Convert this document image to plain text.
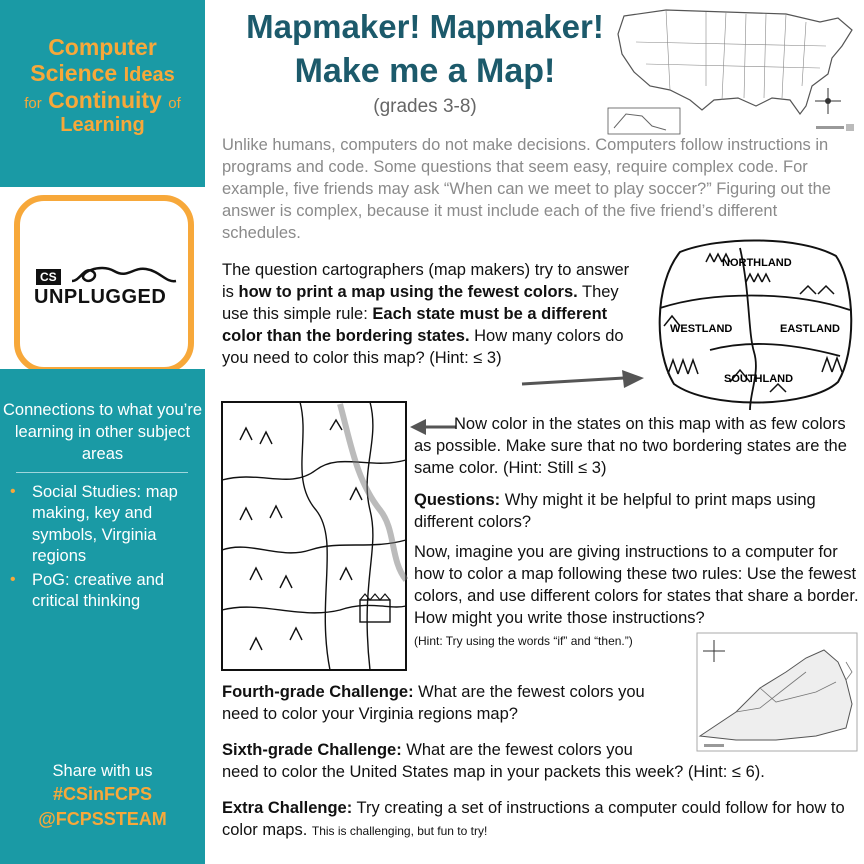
Computer
Science Ideas
for Continuity of
Learning
CS
UNPLUGGED
Connections to what you’re learning in other subject areas
• Social Studies: map making, key and symbols, Virginia regions
• PoG: creative and critical thinking
Share with us
#CSinFCPS
@FCPSSTEAM
Mapmaker! Mapmaker!
Make me a Map!
(grades 3-8)
Unlike humans, computers do not make decisions. Computers follow instructions in programs and code. Some questions that seem easy, require complex code. For example, five friends may ask “When can we meet to play soccer?” Figuring out the answer is complex, because it must include each of the five friend’s different schedules.
The question cartographers (map makers) try to answer is how to print a map using the fewest colors. They use this simple rule: Each state must be a different color than the bordering states. How many colors do you need to color this map? (Hint: ≤ 3)
NORTHLAND
WESTLAND	EASTLAND
SOUTHLAND
Now color in the states on this map with as few colors as possible. Make sure that no two bordering states are the same color. (Hint: Still ≤ 3)
Questions: Why might it be helpful to print maps using different colors?
Now, imagine you are giving instructions to a computer for how to color a map following these two rules: Use the fewest colors, and use different colors for states that share a border. How might you write those instructions?
(Hint: Try using the words “if” and “then.”)
Fourth-grade Challenge: What are the fewest colors you need to color your Virginia regions map?
Sixth-grade Challenge: What are the fewest colors you
need to color the United States map in your packets this week? (Hint: ≤ 6).
Extra Challenge: Try creating a set of instructions a computer could follow for how to color maps. This is challenging, but fun to try!
